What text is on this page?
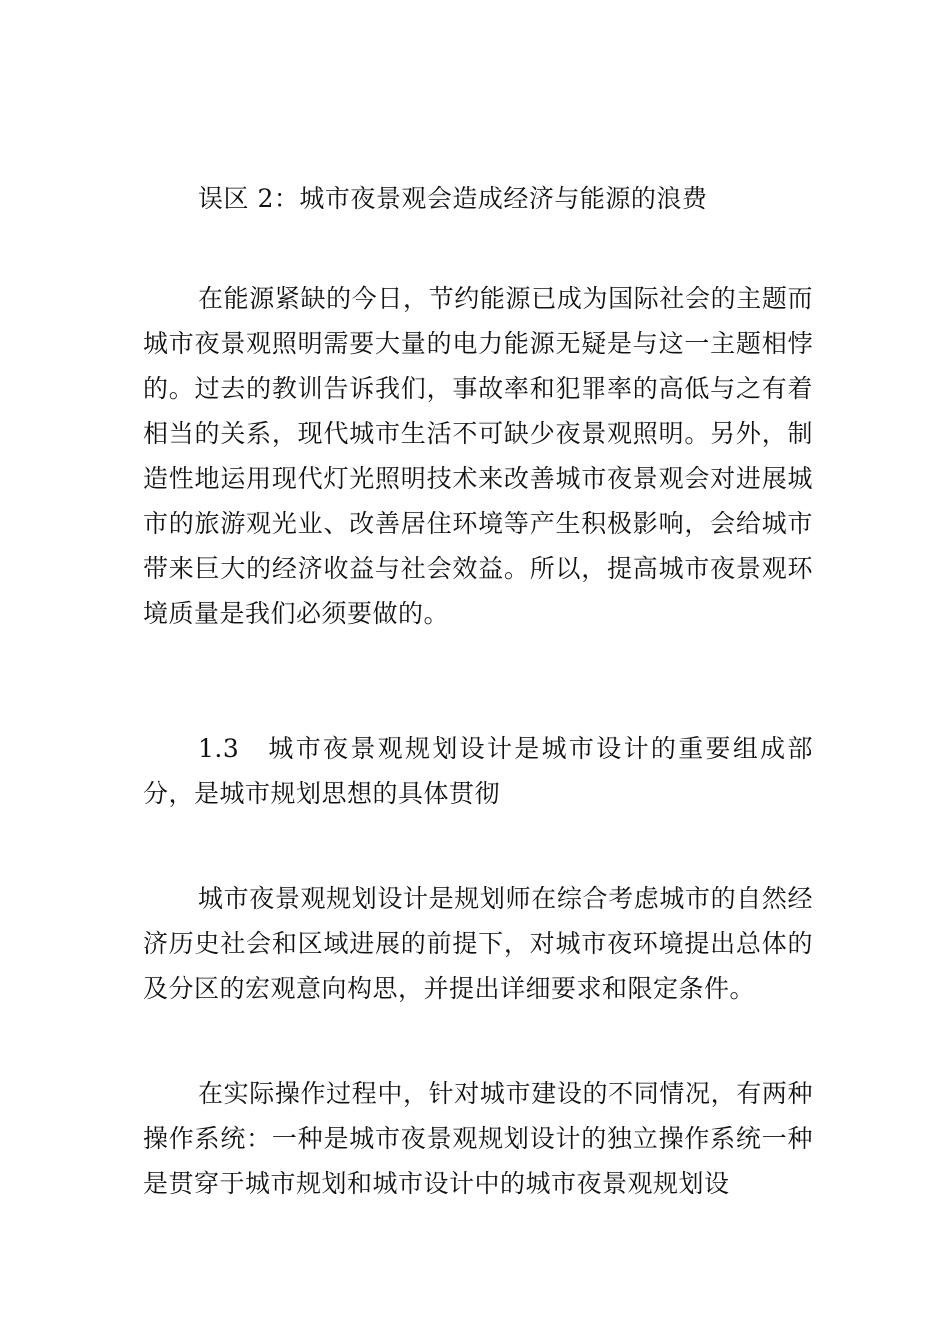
误区 2：城市夜景观会造成经济与能源的浪费

在能源紧缺的今日，节约能源已成为国际社会的主题而城市夜景观照明需要大量的电力能源无疑是与这一主题相悖的。过去的教训告诉我们，事故率和犯罪率的高低与之有着相当的关系，现代城市生活不可缺少夜景观照明。另外，制造性地运用现代灯光照明技术来改善城市夜景观会对进展城市的旅游观光业、改善居住环境等产生积极影响，会给城市带来巨大的经济收益与社会效益。所以，提高城市夜景观环境质量是我们必须要做的。

1.3　城市夜景观规划设计是城市设计的重要组成部分，是城市规划思想的具体贯彻

城市夜景观规划设计是规划师在综合考虑城市的自然经济历史社会和区域进展的前提下，对城市夜环境提出总体的及分区的宏观意向构思，并提出详细要求和限定条件。

在实际操作过程中，针对城市建设的不同情况，有两种操作系统：一种是城市夜景观规划设计的独立操作系统一种是贯穿于城市规划和城市设计中的城市夜景观规划设
